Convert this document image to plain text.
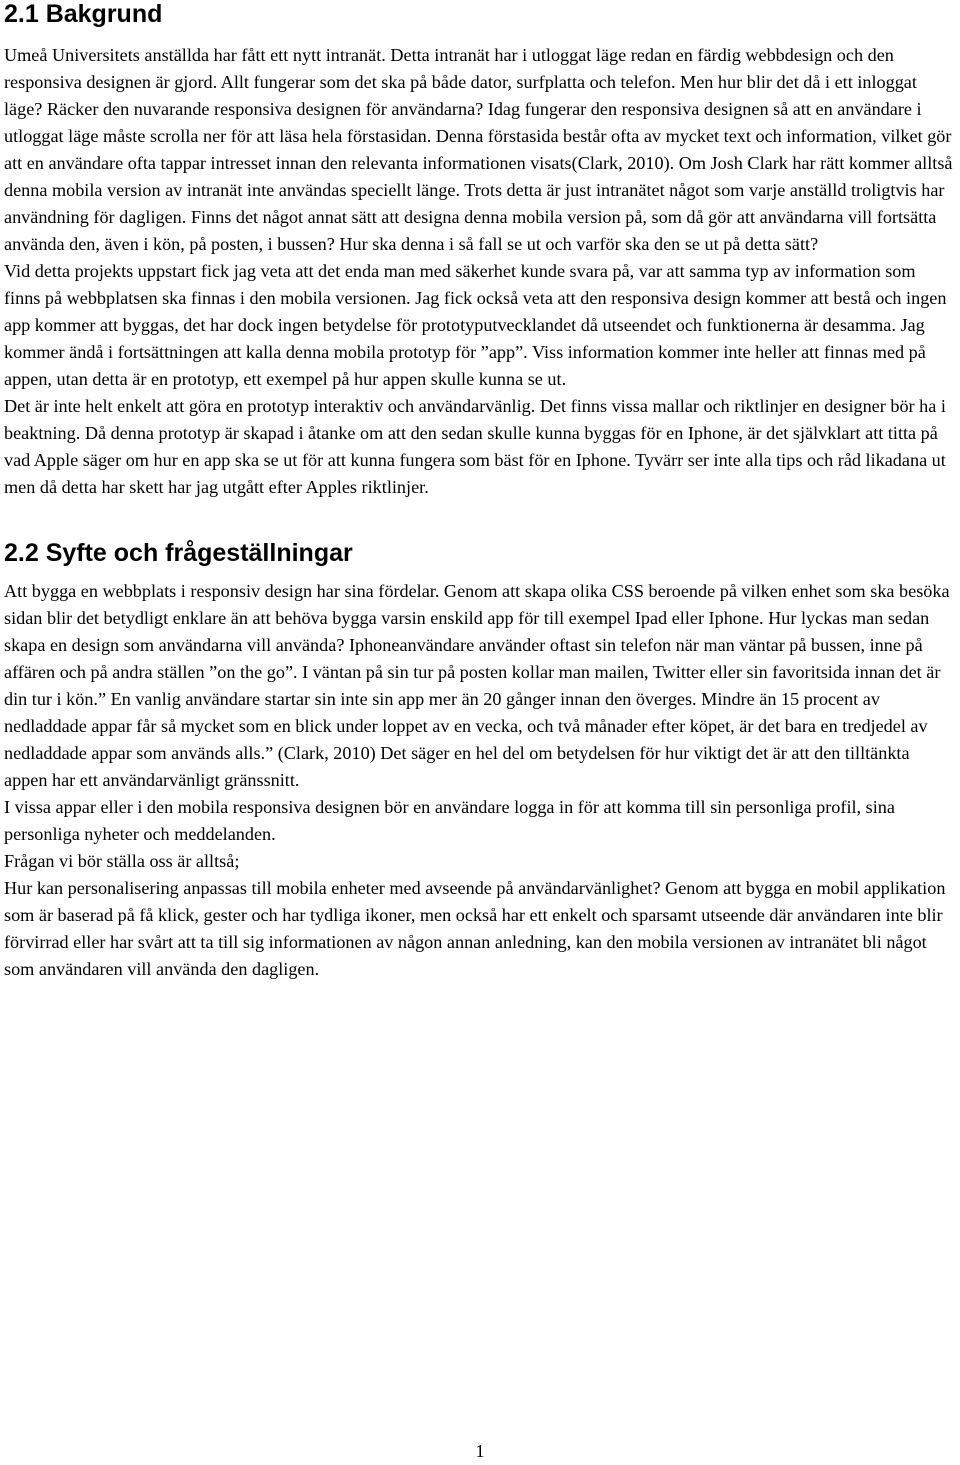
2.1 Bakgrund

Umeå Universitets anställda har fått ett nytt intranät. Detta intranät har i utloggat läge redan en färdig webbdesign och den responsiva designen är gjord. Allt fungerar som det ska på både dator, surfplatta och telefon. Men hur blir det då i ett inloggat läge? Räcker den nuvarande responsiva designen för användarna? Idag fungerar den responsiva designen så att en användare i utloggat läge måste scrolla ner för att läsa hela förstasidan. Denna förstasida består ofta av mycket text och information, vilket gör att en användare ofta tappar intresset innan den relevanta informationen visats(Clark, 2010). Om Josh Clark har rätt kommer alltså denna mobila version av intranät inte användas speciellt länge. Trots detta är just intranätet något som varje anställd troligtvis har användning för dagligen. Finns det något annat sätt att designa denna mobila version på, som då gör att användarna vill fortsätta använda den, även i kön, på posten, i bussen? Hur ska denna i så fall se ut och varför ska den se ut på detta sätt?

Vid detta projekts uppstart fick jag veta att det enda man med säkerhet kunde svara på, var att samma typ av information som finns på webbplatsen ska finnas i den mobila versionen. Jag fick också veta att den responsiva design kommer att bestå och ingen app kommer att byggas, det har dock ingen betydelse för prototyputvecklandet då utseendet och funktionerna är desamma. Jag kommer ändå i fortsättningen att kalla denna mobila prototyp för ”app”. Viss information kommer inte heller att finnas med på appen, utan detta är en prototyp, ett exempel på hur appen skulle kunna se ut.

Det är inte helt enkelt att göra en prototyp interaktiv och användarvänlig. Det finns vissa mallar och riktlinjer en designer bör ha i beaktning. Då denna prototyp är skapad i åtanke om att den sedan skulle kunna byggas för en Iphone, är det självklart att titta på vad Apple säger om hur en app ska se ut för att kunna fungera som bäst för en Iphone. Tyvärr ser inte alla tips och råd likadana ut men då detta har skett har jag utgått efter Apples riktlinjer.

2.2 Syfte och frågeställningar

Att bygga en webbplats i responsiv design har sina fördelar. Genom att skapa olika CSS beroende på vilken enhet som ska besöka sidan blir det betydligt enklare än att behöva bygga varsin enskild app för till exempel Ipad eller Iphone. Hur lyckas man sedan skapa en design som användarna vill använda? Iphoneanvändare använder oftast sin telefon när man väntar på bussen, inne på affären och på andra ställen ”on the go”. I väntan på sin tur på posten kollar man mailen, Twitter eller sin favoritsida innan det är din tur i kön.” En vanlig användare startar sin inte sin app mer än 20 gånger innan den överges. Mindre än 15 procent av nedladdade appar får så mycket som en blick under loppet av en vecka, och två månader efter köpet, är det bara en tredjedel av nedladdade appar som används alls.” (Clark, 2010) Det säger en hel del om betydelsen för hur viktigt det är att den tilltänkta appen har ett användarvänligt gränssnitt.

I vissa appar eller i den mobila responsiva designen bör en användare logga in för att komma till sin personliga profil, sina personliga nyheter och meddelanden.

Frågan vi bör ställa oss är alltså;

Hur kan personalisering anpassas till mobila enheter med avseende på användarvänlighet? Genom att bygga en mobil applikation som är baserad på få klick, gester och har tydliga ikoner, men också har ett enkelt och sparsamt utseende där användaren inte blir förvirrad eller har svårt att ta till sig informationen av någon annan anledning, kan den mobila versionen av intranätet bli något som användaren vill använda den dagligen.

1
